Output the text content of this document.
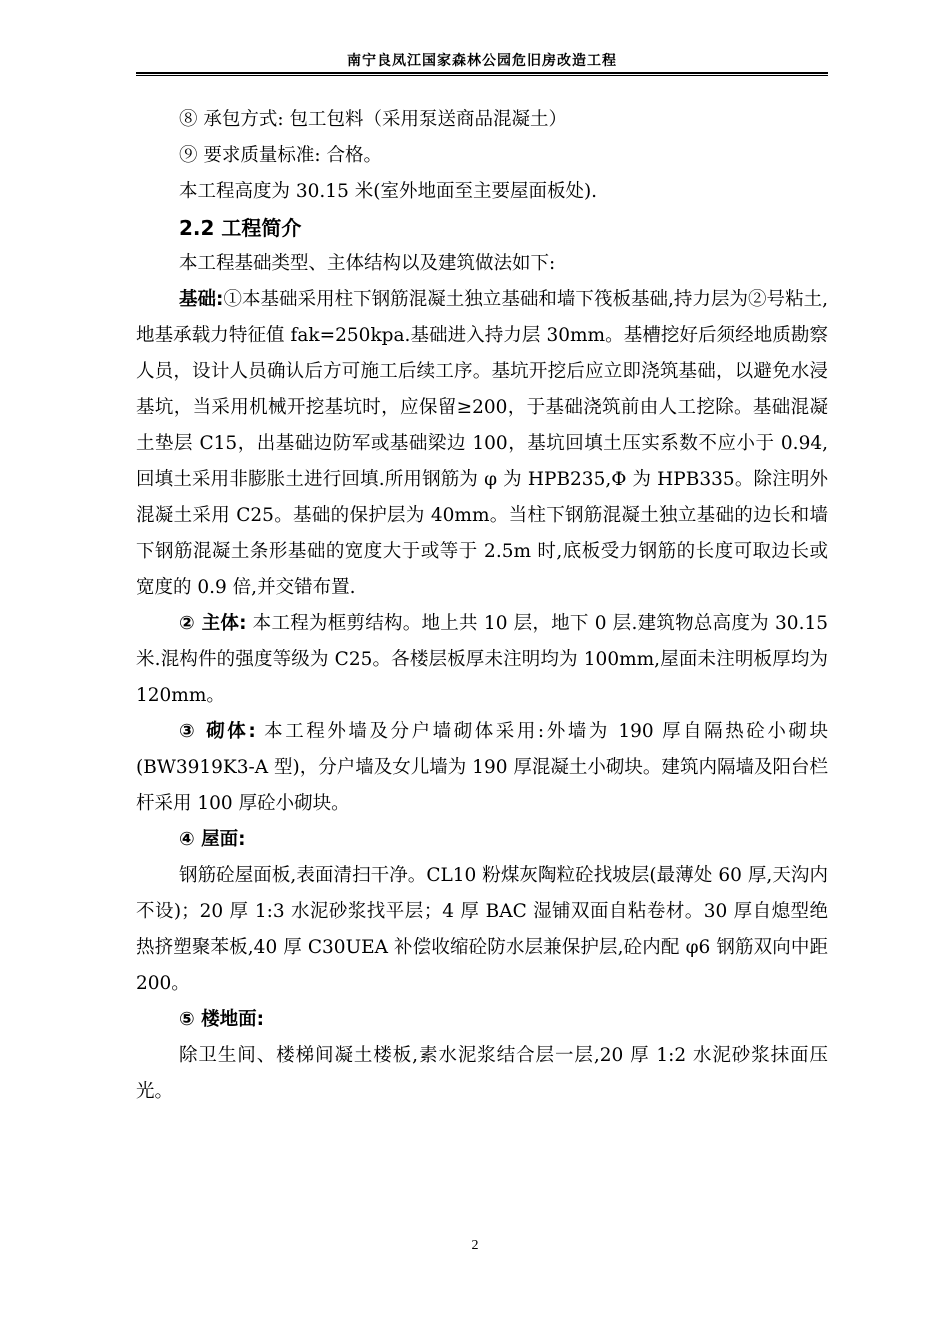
南宁良凤江国家森林公园危旧房改造工程

⑧ 承包方式: 包工包料（采用泵送商品混凝土）

⑨ 要求质量标准: 合格。

本工程高度为 30.15 米(室外地面至主要屋面板处).

2.2 工程简介

本工程基础类型、主体结构以及建筑做法如下:

基础:①本基础采用柱下钢筋混凝土独立基础和墙下筏板基础,持力层为②号粘土,地基承载力特征值 fak=250kpa.基础进入持力层 30mm。基槽挖好后须经地质勘察人员，设计人员确认后方可施工后续工序。基坑开挖后应立即浇筑基础，以避免水浸基坑，当采用机械开挖基坑时，应保留≥200，于基础浇筑前由人工挖除。基础混凝土垫层 C15，出基础边防军或基础梁边 100，基坑回填土压实系数不应小于 0.94,回填土采用非膨胀土进行回填.所用钢筋为 φ 为 HPB235,Φ 为 HPB335。除注明外混凝土采用 C25。基础的保护层为 40mm。当柱下钢筋混凝土独立基础的边长和墙下钢筋混凝土条形基础的宽度大于或等于 2.5m 时,底板受力钢筋的长度可取边长或宽度的 0.9 倍,并交错布置.

② 主体: 本工程为框剪结构。地上共 10 层，地下 0 层.建筑物总高度为 30.15 米.混构件的强度等级为 C25。各楼层板厚未注明均为 100mm,屋面未注明板厚均为 120mm。

③ 砌体: 本工程外墙及分户墙砌体采用:外墙为 190 厚自隔热砼小砌块(BW3919K3-A 型)，分户墙及女儿墙为 190 厚混凝土小砌块。建筑内隔墙及阳台栏杆采用 100 厚砼小砌块。

④ 屋面:

钢筋砼屋面板,表面清扫干净。CL10 粉煤灰陶粒砼找坡层(最薄处 60 厚,天沟内不设)；20 厚 1:3 水泥砂浆找平层；4 厚 BAC 湿铺双面自粘卷材。30 厚自熄型绝热挤塑聚苯板,40 厚 C30UEA 补偿收缩砼防水层兼保护层,砼内配 φ6 钢筋双向中距 200。

⑤ 楼地面:

除卫生间、楼梯间凝土楼板,素水泥浆结合层一层,20 厚 1:2 水泥砂浆抹面压光。

2
